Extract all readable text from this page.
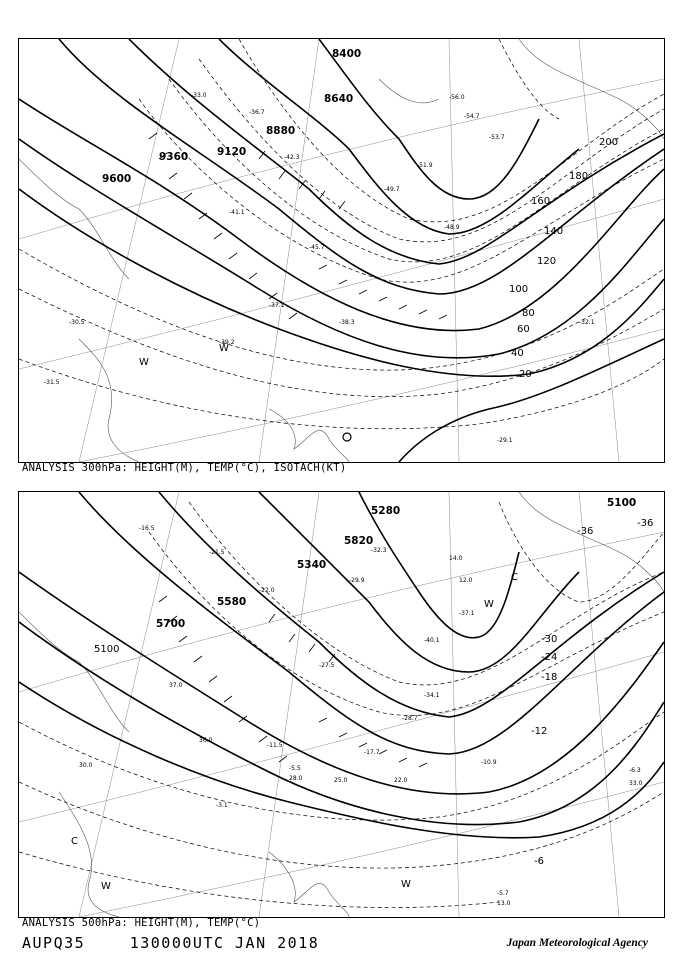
8400
8640
8880
9120
9360
9600
200
180
160
140
120
100
80
60
40
20
-33.0
-36.7
-54.7
-56.0
-41.1
-49.7
-53.7
-37.1
-38.3
-30.5
-31.5
-29.1
-32.1
-42.3
-45.7
-48.9
-51.9
-39.2
W
W
ANALYSIS 300hPa: HEIGHT(M), TEMP(°C), ISOTACH(KT)
5100
5280
5340
5580
5700
5820
5100
-30
-36
-24
-18
-12
-6
-36
-16.5
-21.5
-22.0
-27.5
-29.9
-32.3
-37.1
-40.1
-34.1
-28.7
-17.7
-11.5
-6.3
-5.5
-3.1
-10.9
-5.7
33.0
28.0
14.0
12.0
13.0
22.0
30.0
25.0
37.0
36.0
C
C
W
W
W
ANALYSIS 500hPa: HEIGHT(M), TEMP(°C)
AUPQ35	130000UTC JAN 2018	Japan Meteorological Agency
